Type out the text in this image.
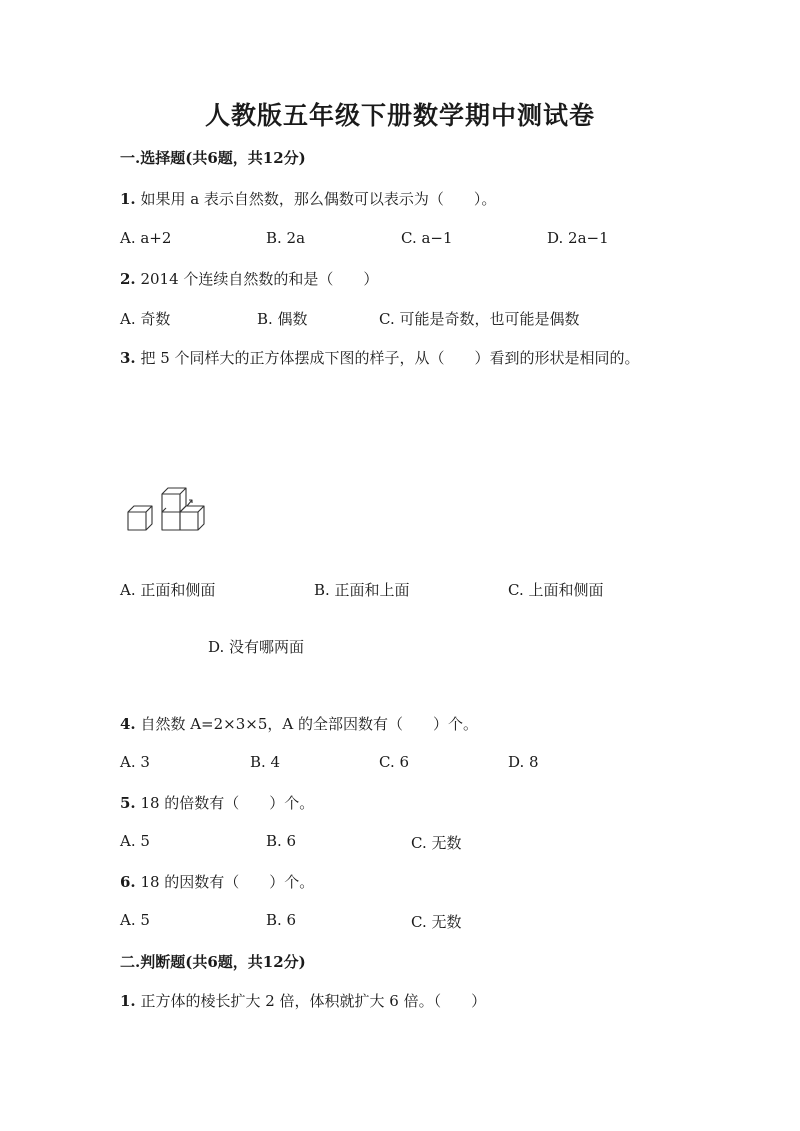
人教版五年级下册数学期中测试卷
一.选择题(共6题，共12分)
1. 如果用 a 表示自然数，那么偶数可以表示为（　　）。
A. a+2	B. 2a	C. a−1	D. 2a−1
2. 2014 个连续自然数的和是（　　）
A. 奇数	B. 偶数	C. 可能是奇数，也可能是偶数
3. 把 5 个同样大的正方体摆成下图的样子，从（　　）看到的形状是相同的。
A. 正面和侧面	B. 正面和上面	C. 上面和侧面
D. 没有哪两面
4. 自然数 A=2×3×5，A 的全部因数有（　　）个。
A. 3	B. 4	C. 6	D. 8
5. 18 的倍数有（　　）个。
A. 5	B. 6	C. 无数
6. 18 的因数有（　　）个。
A. 5	B. 6	C. 无数
二.判断题(共6题，共12分)
1. 正方体的棱长扩大 2 倍，体积就扩大 6 倍。（　　）
